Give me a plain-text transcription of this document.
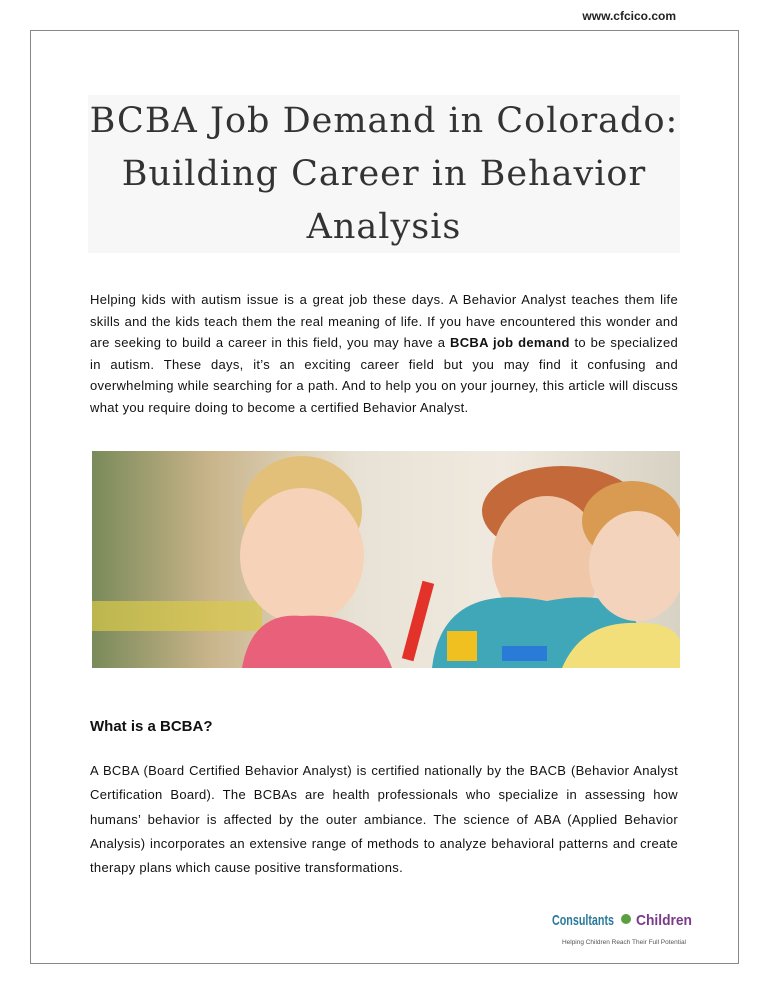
www.cfcico.com
BCBA Job Demand in Colorado: Building Career in Behavior Analysis
Helping kids with autism issue is a great job these days. A Behavior Analyst teaches them life skills and the kids teach them the real meaning of life. If you have encountered this wonder and are seeking to build a career in this field, you may have a BCBA job demand to be specialized in autism. These days, it’s an exciting career field but you may find it confusing and overwhelming while searching for a path. And to help you on your journey, this article will discuss what you require doing to become a certified Behavior Analyst.
What is a BCBA?
A BCBA (Board Certified Behavior Analyst) is certified nationally by the BACB (Behavior Analyst Certification Board). The BCBAs are health professionals who specialize in assessing how humans’ behavior is affected by the outer ambiance. The science of ABA (Applied Behavior Analysis) incorporates an extensive range of methods to analyze behavioral patterns and create therapy plans which cause positive transformations.
Consultants Children
Helping Children Reach Their Full Potential
